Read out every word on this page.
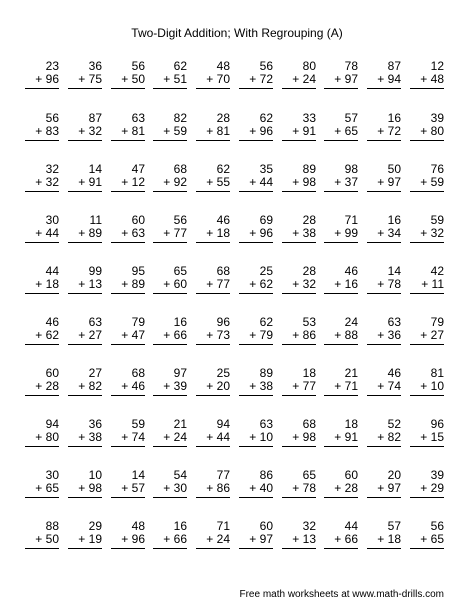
Two-Digit Addition; With Regrouping (A)
23
+ 96
36
+ 75
56
+ 50
62
+ 51
48
+ 70
56
+ 72
80
+ 24
78
+ 97
87
+ 94
12
+ 48
56
+ 83
87
+ 32
63
+ 81
82
+ 59
28
+ 81
62
+ 96
33
+ 91
57
+ 65
16
+ 72
39
+ 80
32
+ 32
14
+ 91
47
+ 12
68
+ 92
62
+ 55
35
+ 44
89
+ 98
98
+ 37
50
+ 97
76
+ 59
30
+ 44
11
+ 89
60
+ 63
56
+ 77
46
+ 18
69
+ 96
28
+ 38
71
+ 99
16
+ 34
59
+ 32
44
+ 18
99
+ 13
95
+ 89
65
+ 60
68
+ 77
25
+ 62
28
+ 32
46
+ 16
14
+ 78
42
+ 11
46
+ 62
63
+ 27
79
+ 47
16
+ 66
96
+ 73
62
+ 79
53
+ 86
24
+ 88
63
+ 36
79
+ 27
60
+ 28
27
+ 82
68
+ 46
97
+ 39
25
+ 20
89
+ 38
18
+ 77
21
+ 71
46
+ 74
81
+ 10
94
+ 80
36
+ 38
59
+ 74
21
+ 24
94
+ 44
63
+ 10
68
+ 98
18
+ 91
52
+ 82
96
+ 15
30
+ 65
10
+ 98
14
+ 57
54
+ 30
77
+ 86
86
+ 40
65
+ 78
60
+ 28
20
+ 97
39
+ 29
88
+ 50
29
+ 19
48
+ 96
16
+ 66
71
+ 24
60
+ 97
32
+ 13
44
+ 66
57
+ 18
56
+ 65
Free math worksheets at www.math-drills.com
